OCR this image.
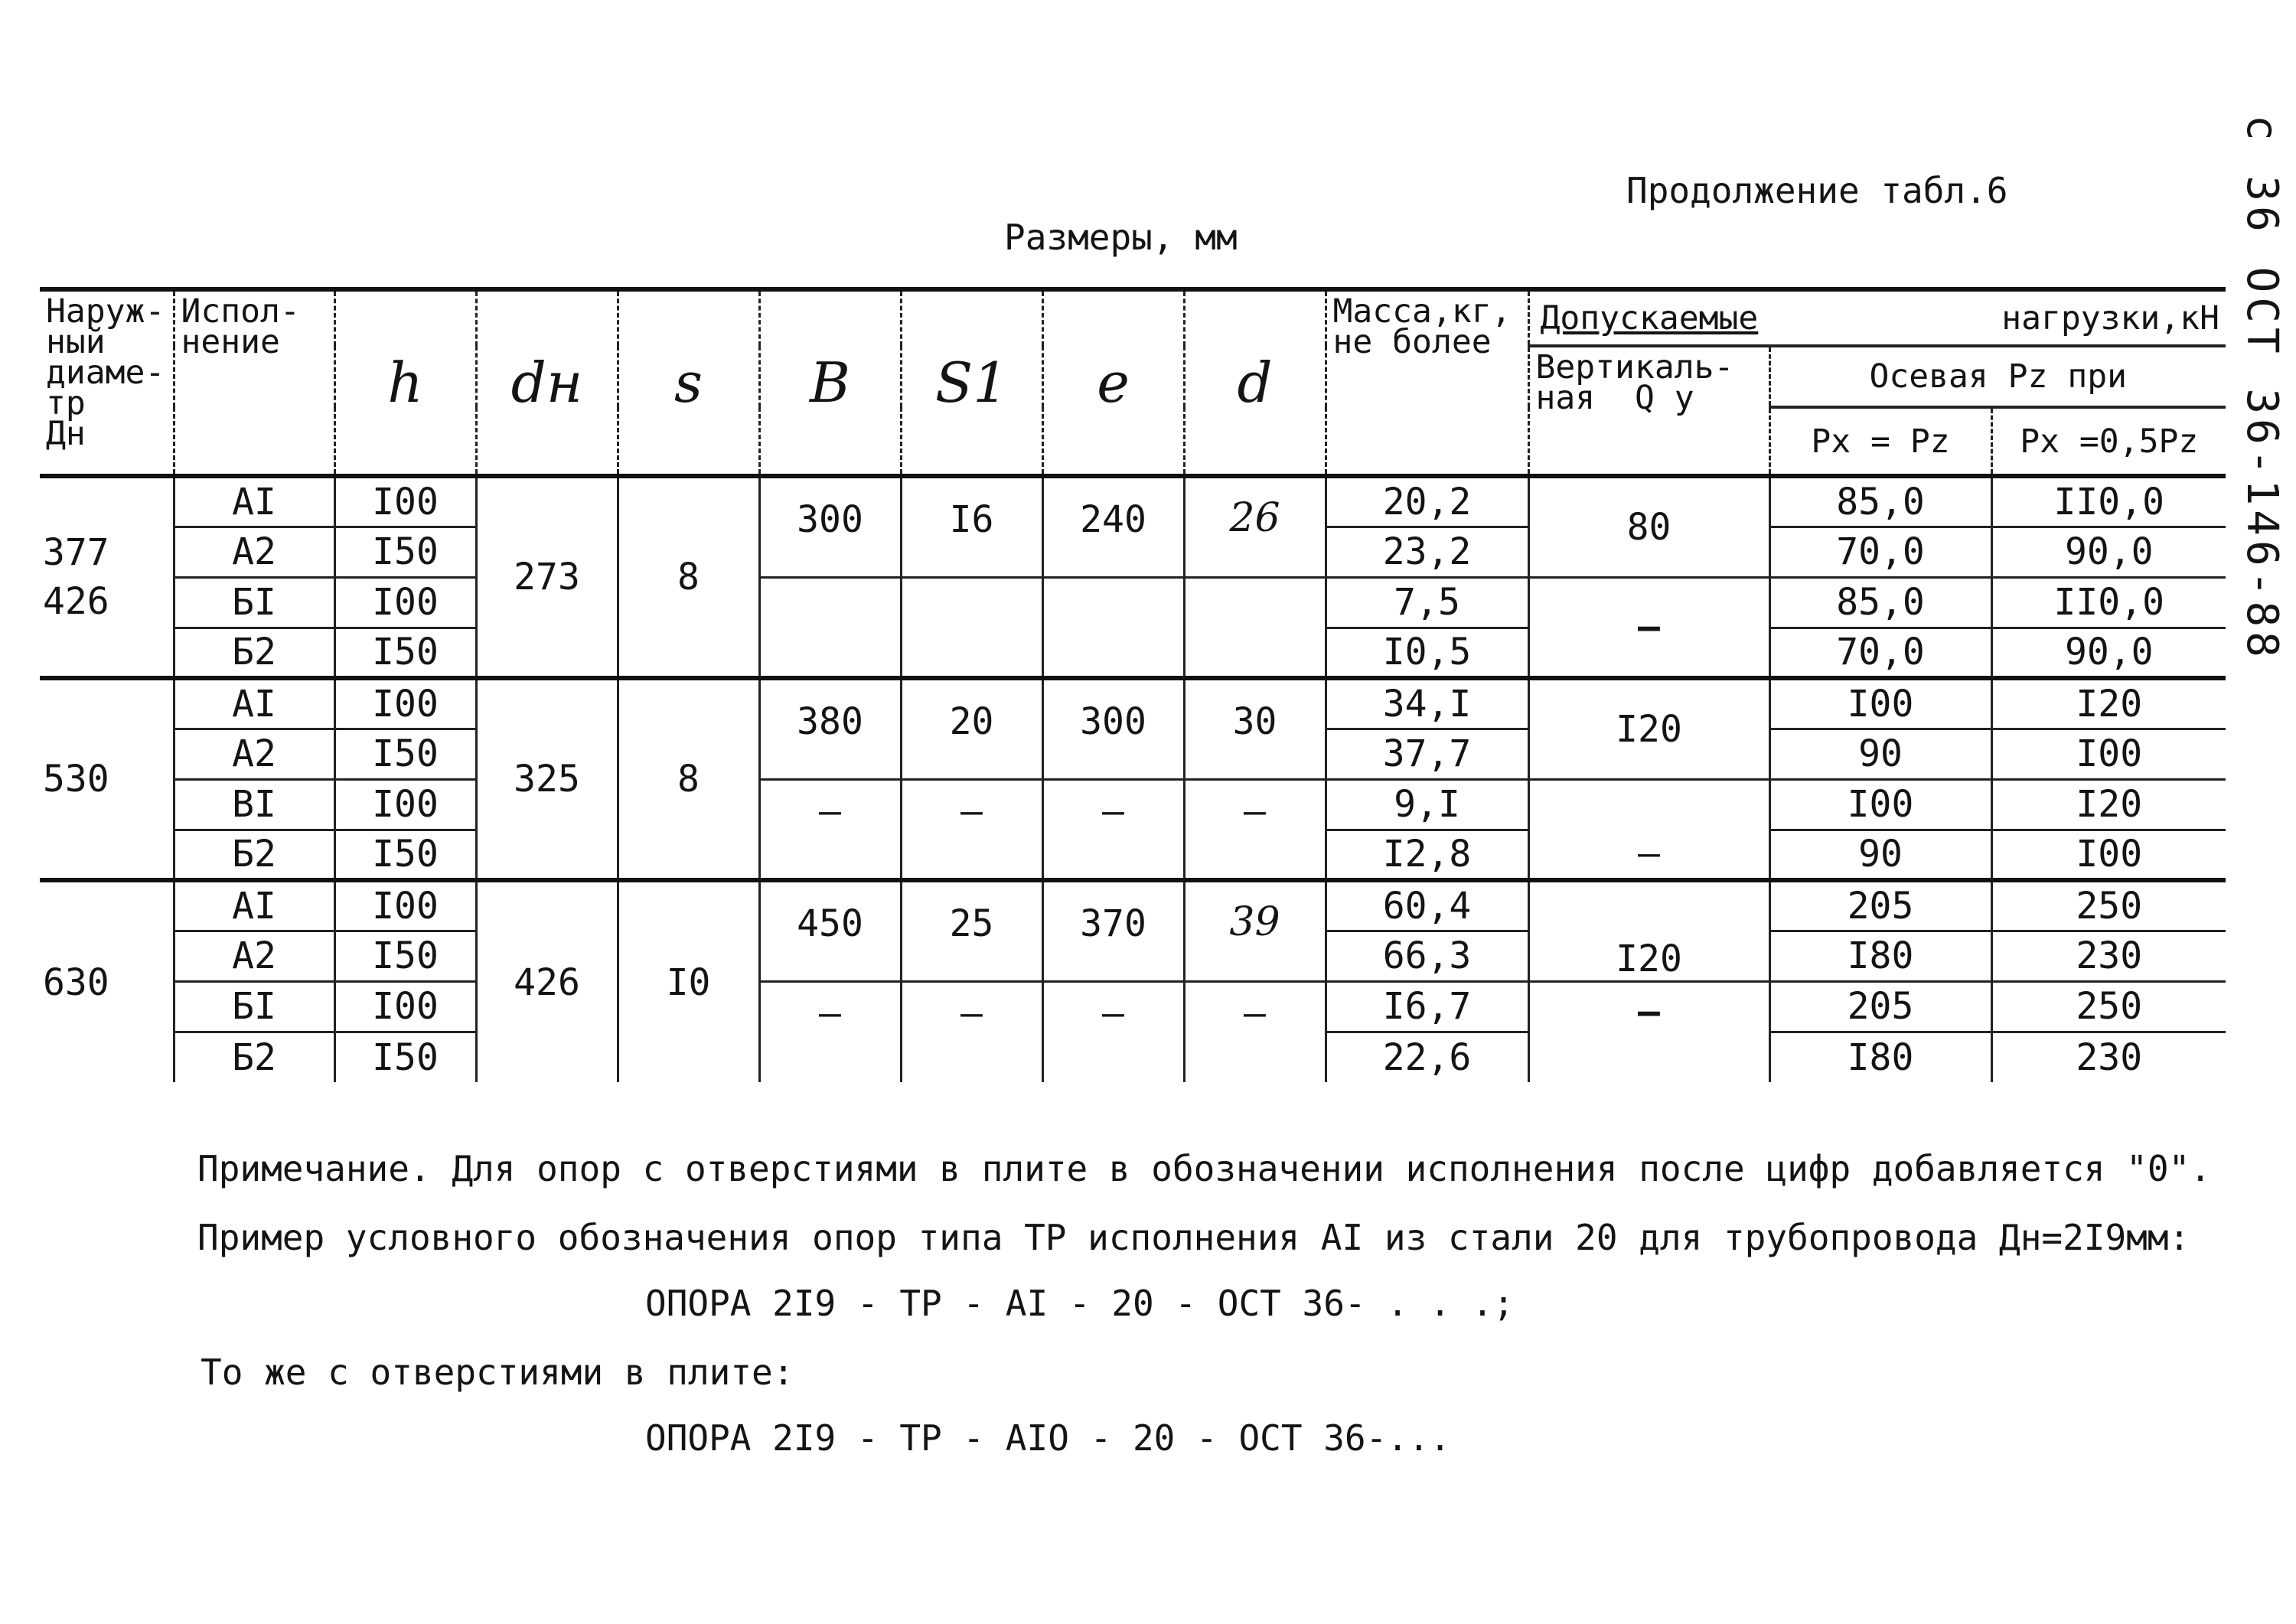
с 36 ОСТ 36-146-88
Продолжение табл.6
Размеры, мм
Наруж-
ный
диаме-
тр
Дн	Испол-
нение	h	dн	s	B	S1	e	d	Масса,кг,
не более	Допускаемые нагрузки,кН		

										Вертикаль-
ная  Q у	Осевая Pz при	
											Px = Pz	Px =0,5Pz

377
426	AI	I00	273	8	300	I6	240	26	20,2	80	85,0	II0,0
	A2	I50							23,2		70,0	90,0
	БI	I00							7,5	–	85,0	II0,0
	Б2	I50							I0,5		70,0	90,0
530	AI	I00	325	8	380	20	300	30	34,I	I20	I00	I20
	A2	I50							37,7		90	I00
	BI	I00			–	–	–	–	9,I	—	I00	I20
	Б2	I50							I2,8		90	I00
630	AI	I00	426	I0	450	25	370	39	60,4	I20	205	250
	A2	I50							66,3		I80	230
	БI	I00			–	–	–	–	I6,7	—	205	250
	Б2	I50							22,6		I80	230
Примечание. Для опор с отверстиями в плите в обозначении исполнения после цифр добавляется "0".
Пример условного обозначения опор типа ТР исполнения AI из стали 20 для трубопровода Дн=2I9мм:
ОПОРА 2I9 - ТР - AI - 20 - ОСТ 36- . . .;
То же с отверстиями в плите:
ОПОРА 2I9 - ТР - AIО - 20 - ОСТ 36-...
